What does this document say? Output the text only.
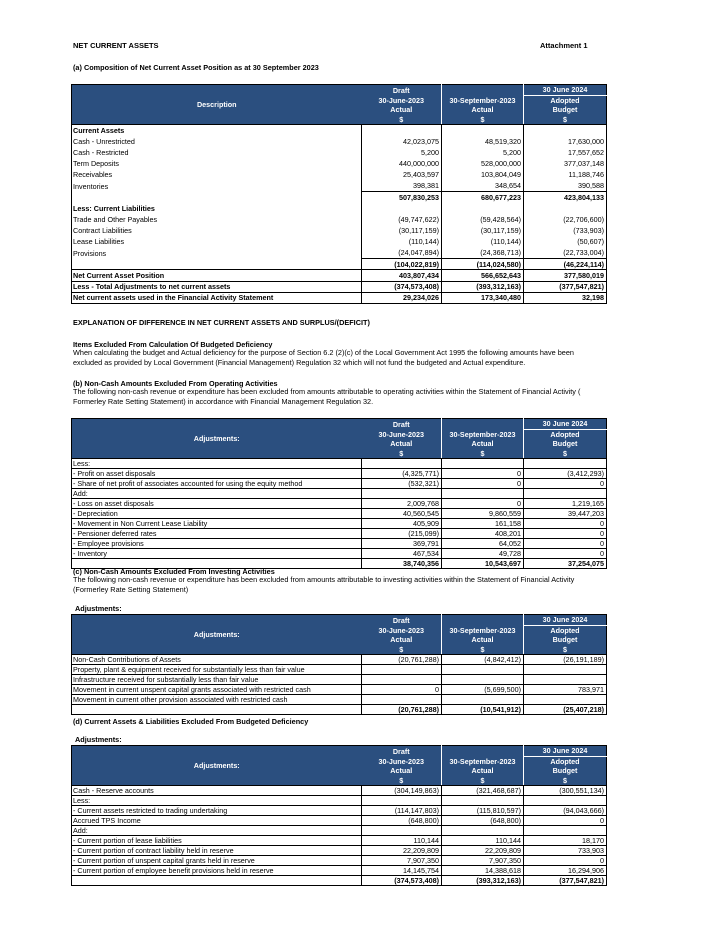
NET CURRENT ASSETS	Attachment 1
(a) Composition of Net Current Asset Position as at 30 September 2023
Description	Draft		30 June 2024
	30-June-2023	30-September-2023	Adopted
	Actual	Actual	Budget
	$	$	$
Current Assets			
Cash - Unrestricted	42,023,075	48,519,320	17,630,000
Cash - Restricted	5,200	5,200	17,557,652
Term Deposits	440,000,000	528,000,000	377,037,148
Receivables	25,403,597	103,804,049	11,188,746
Inventories	398,381	348,654	390,588
	507,830,253	680,677,223	423,804,133
Less: Current Liabilities			
Trade and Other Payables	(49,747,622)	(59,428,564)	(22,706,600)
Contract Liabilities	(30,117,159)	(30,117,159)	(733,903)
Lease Liabilities	(110,144)	(110,144)	(50,607)
Provisions	(24,047,894)	(24,368,713)	(22,733,004)
	(104,022,819)	(114,024,580)	(46,224,114)
Net Current Asset Position	403,807,434	566,652,643	377,580,019
Less - Total Adjustments to net current assets	(374,573,408)	(393,312,163)	(377,547,821)
Net current assets used in the Financial Activity Statement	29,234,026	173,340,480	32,198
EXPLANATION OF DIFFERENCE IN NET CURRENT ASSETS AND SURPLUS/(DEFICIT)
Items Excluded From Calculation Of Budgeted Deficiency
When calculating the budget and Actual deficiency for the purpose of Section 6.2 (2)(c) of the Local Government Act 1995 the following amounts have been
excluded as provided by Local Government (Financial Management) Regulation 32 which will not fund the budgeted and Actual expenditure.
(b) Non-Cash Amounts Excluded From Operating Activities
The following non-cash revenue or expenditure has been excluded from amounts attributable to operating activities within the Statement of Financial Activity (
Formerley Rate Setting Statement) in accordance with Financial Management Regulation 32.
Adjustments:	Draft		30 June 2024
	30-June-2023	30-September-2023	Adopted
	Actual	Actual	Budget
	$	$	$
Less:			
- Profit on asset disposals	(4,325,771)	0	(3,412,293)
- Share of net profit of associates accounted for using the equity method	(532,321)	0	0
Add:			
- Loss on asset disposals	2,009,768	0	1,219,165
- Depreciation	40,560,545	9,860,559	39,447,203
- Movement in Non Current Lease Liability	405,909	161,158	0
- Pensioner deferred rates	(215,099)	408,201	0
- Employee provisions	369,791	64,052	0
- Inventory	467,534	49,728	0
	38,740,356	10,543,697	37,254,075
(c) Non-Cash Amounts Excluded From Investing Activities
The following non-cash revenue or expenditure has been excluded from amounts attributable to investing activities within the Statement of Financial Activity
(Formerley Rate Setting Statement)
Adjustments:
Adjustments:	Draft		30 June 2024
	30-June-2023	30-September-2023	Adopted
	Actual	Actual	Budget
	$	$	$
Non-Cash Contributions of Assets	(20,761,288)	(4,842,412)	(26,191,189)
Property, plant & equipment received for substantially less than fair value			
Infrastructure received for substantially less than fair value			
Movement in current unspent capital grants associated with restricted cash	0	(5,699,500)	783,971
Movement in current other provision associated with restricted cash			
	(20,761,288)	(10,541,912)	(25,407,218)
(d) Current Assets & Liabilities Excluded From Budgeted Deficiency
Adjustments:
Adjustments:	Draft		30 June 2024
	30-June-2023	30-September-2023	Adopted
	Actual	Actual	Budget
	$	$	$
Cash - Reserve accounts	(304,149,863)	(321,468,687)	(300,551,134)
Less:			
- Current assets restricted to trading undertaking	(114,147,803)	(115,810,597)	(94,043,666)
Accrued TPS Income	(648,800)	(648,800)	0
Add:			
- Current portion of lease liabilities	110,144	110,144	18,170
- Current portion of contract liability held in reserve	22,209,809	22,209,809	733,903
- Current portion of unspent capital grants held in reserve	7,907,350	7,907,350	0
- Current portion of employee benefit provisions held in reserve	14,145,754	14,388,618	16,294,906
	(374,573,408)	(393,312,163)	(377,547,821)
